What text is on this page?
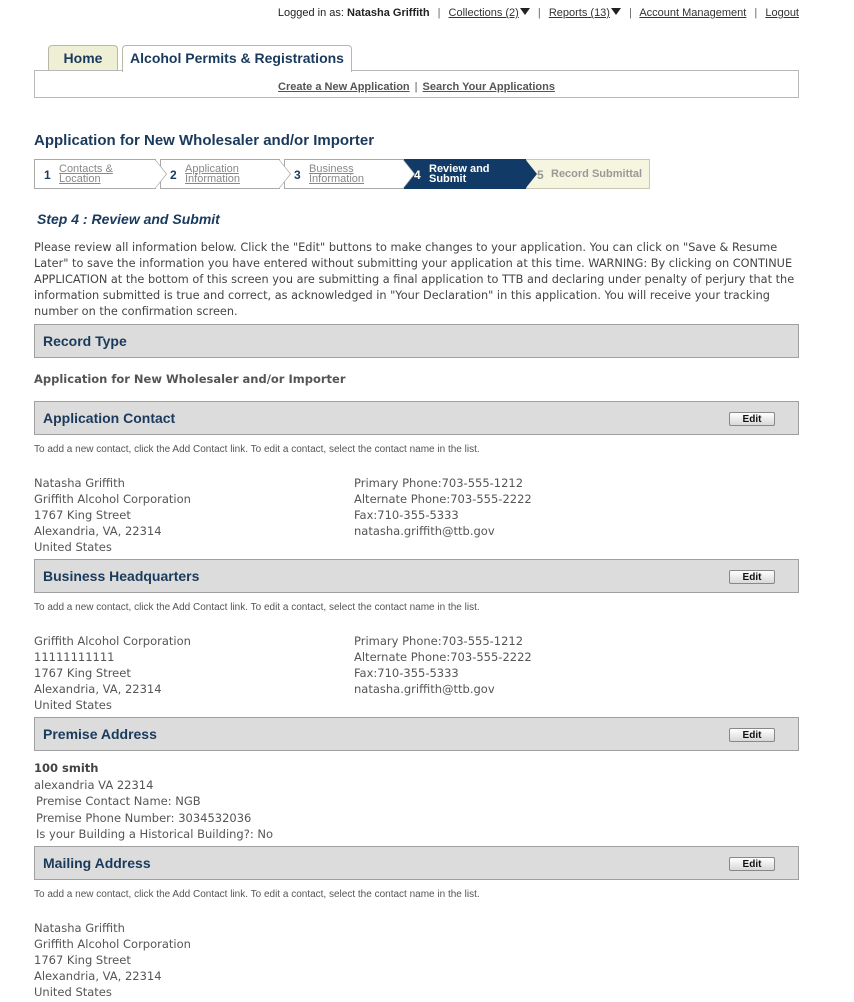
Logged in as: Natasha Griffith | Collections (2) | Reports (13) | Account Management | Logout
Home	Alcohol Permits & Registrations
Create a New Application | Search Your Applications
Application for New Wholesaler and/or Importer
1 Contacts &
Location	2 Application
Information	3 Business
Information	4 Review and
Submit	5 Record Submittal
Step 4 : Review and Submit
Please review all information below. Click the "Edit" buttons to make changes to your application. You can click on "Save & Resume Later" to save the information you have entered without submitting your application at this time. WARNING: By clicking on CONTINUE APPLICATION at the bottom of this screen you are submitting a final application to TTB and declaring under penalty of perjury that the information submitted is true and correct, as acknowledged in "Your Declaration" in this application. You will receive your tracking number on the confirmation screen.
Record Type
Application for New Wholesaler and/or Importer
Application Contact	Edit
To add a new contact, click the Add Contact link. To edit a contact, select the contact name in the list.
Natasha Griffith
Griffith Alcohol Corporation
1767 King Street
Alexandria, VA, 22314
United States
Primary Phone:703-555-1212
Alternate Phone:703-555-2222
Fax:710-355-5333
natasha.griffith@ttb.gov
Business Headquarters	Edit
To add a new contact, click the Add Contact link. To edit a contact, select the contact name in the list.
Griffith Alcohol Corporation
11111111111
1767 King Street
Alexandria, VA, 22314
United States
Primary Phone:703-555-1212
Alternate Phone:703-555-2222
Fax:710-355-5333
natasha.griffith@ttb.gov
Premise Address	Edit
100 smith
alexandria VA 22314
Premise Contact Name: NGB
Premise Phone Number: 3034532036
Is your Building a Historical Building?: No
Mailing Address	Edit
To add a new contact, click the Add Contact link. To edit a contact, select the contact name in the list.
Natasha Griffith
Griffith Alcohol Corporation
1767 King Street
Alexandria, VA, 22314
United States
